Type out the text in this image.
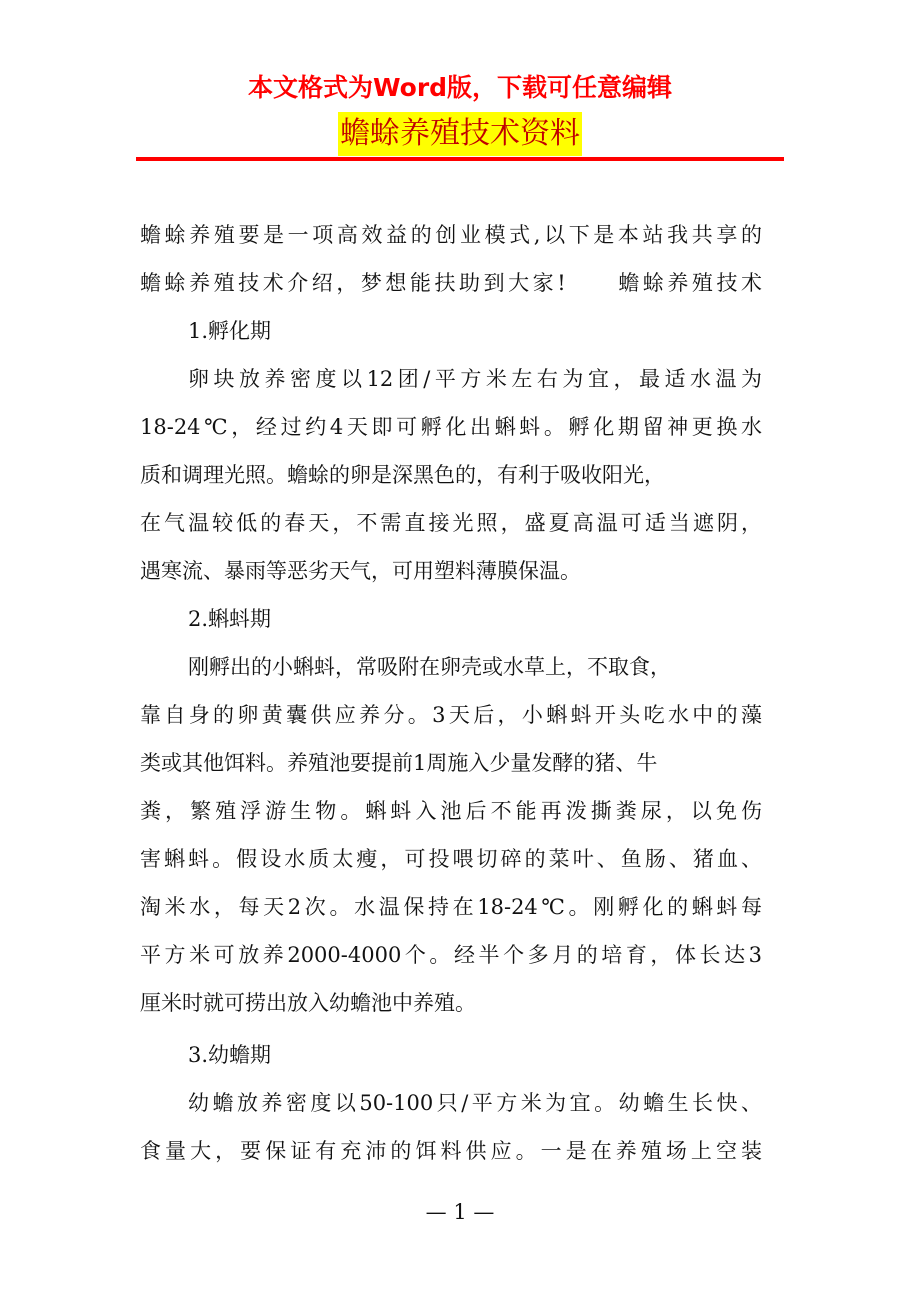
本文格式为Word版，下载可任意编辑
蟾蜍养殖技术资料
蟾蜍养殖要是一项高效益的创业模式,以下是本站我共享的
蟾蜍养殖技术介绍，梦想能扶助到大家!　　蟾蜍养殖技术
1.孵化期
卵块放养密度以12团/平方米左右为宜，最适水温为
18-24℃，经过约4天即可孵化出蝌蚪。孵化期留神更换水
质和调理光照。蟾蜍的卵是深黑色的，有利于吸收阳光，
在气温较低的春天，不需直接光照，盛夏高温可适当遮阴，
遇寒流、暴雨等恶劣天气，可用塑料薄膜保温。
2.蝌蚪期
刚孵出的小蝌蚪，常吸附在卵壳或水草上，不取食，
靠自身的卵黄囊供应养分。3天后，小蝌蚪开头吃水中的藻
类或其他饵料。养殖池要提前1周施入少量发酵的猪、牛
粪，繁殖浮游生物。蝌蚪入池后不能再泼撕粪尿，以免伤
害蝌蚪。假设水质太瘦，可投喂切碎的菜叶、鱼肠、猪血、
淘米水，每天2次。水温保持在18-24℃。刚孵化的蝌蚪每
平方米可放养2000-4000个。经半个多月的培育，体长达3
厘米时就可捞出放入幼蟾池中养殖。
3.幼蟾期
幼蟾放养密度以50-100只/平方米为宜。幼蟾生长快、
食量大，要保证有充沛的饵料供应。一是在养殖场上空装
— 1 —
